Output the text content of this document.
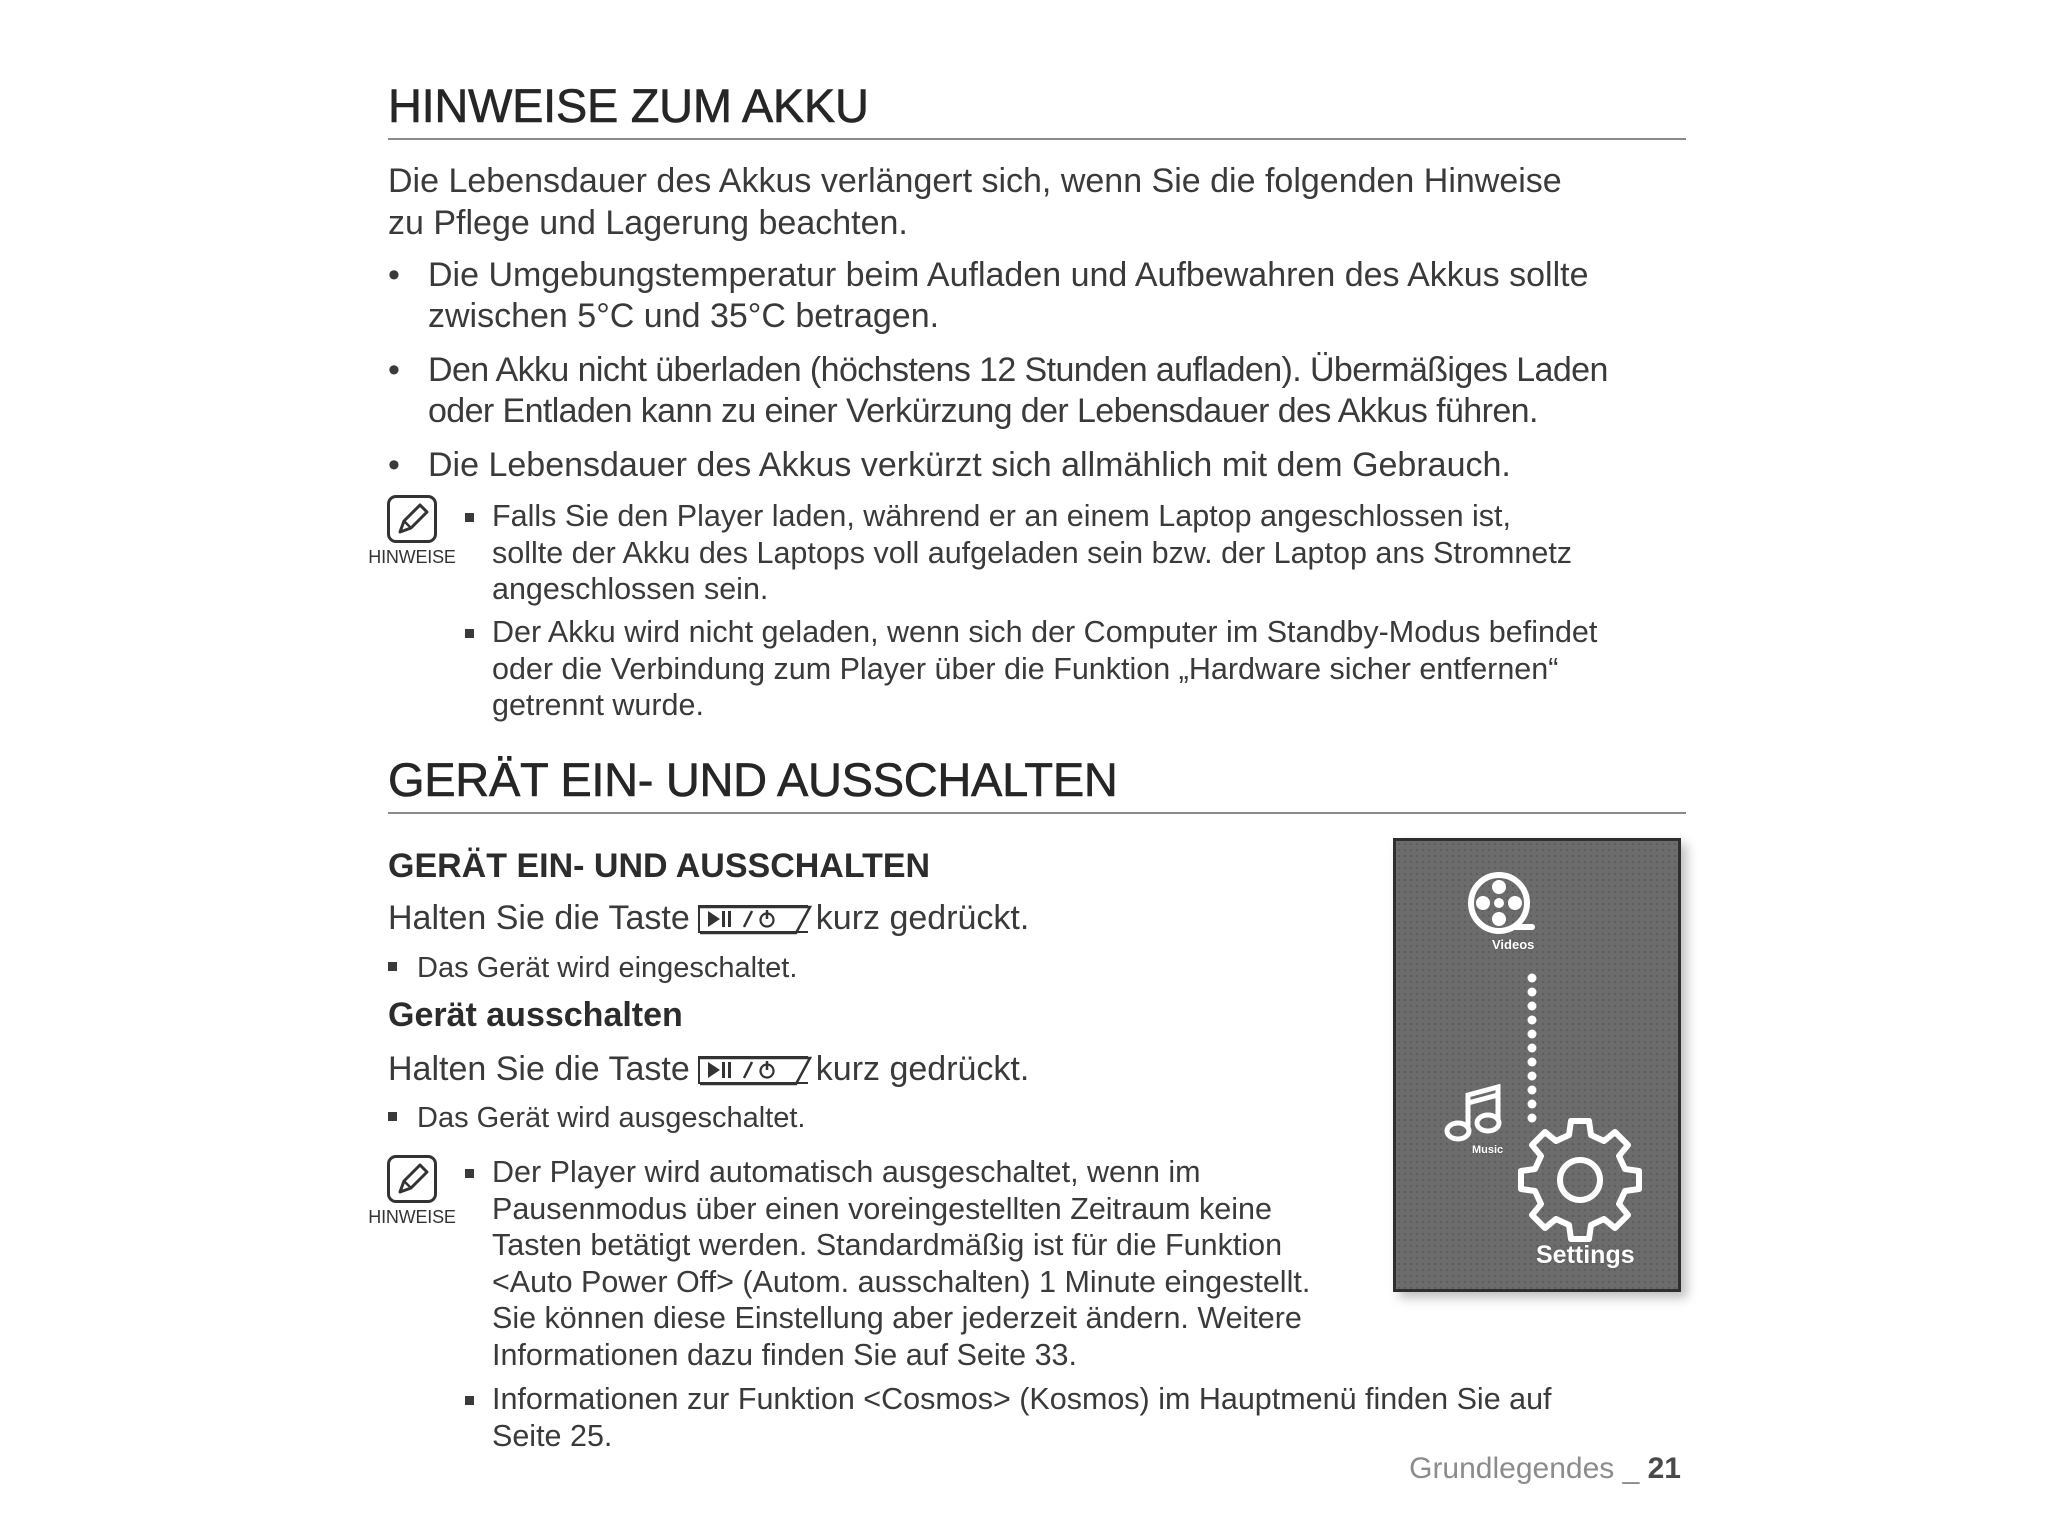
HINWEISE ZUM AKKU

Die Lebensdauer des Akkus verlängert sich, wenn Sie die folgenden Hinweise
zu Pflege und Lagerung beachten.

• Die Umgebungstemperatur beim Aufladen und Aufbewahren des Akkus sollte
zwischen 5°C und 35°C betragen.
• Den Akku nicht überladen (höchstens 12 Stunden aufladen). Übermäßiges Laden
oder Entladen kann zu einer Verkürzung der Lebensdauer des Akkus führen.
• Die Lebensdauer des Akkus verkürzt sich allmählich mit dem Gebrauch.
HINWEISE
Falls Sie den Player laden, während er an einem Laptop angeschlossen ist,
sollte der Akku des Laptops voll aufgeladen sein bzw. der Laptop ans Stromnetz
angeschlossen sein.
Der Akku wird nicht geladen, wenn sich der Computer im Standby-Modus befindet
oder die Verbindung zum Player über die Funktion „Hardware sicher entfernen“
getrennt wurde.
GERÄT EIN- UND AUSSCHALTEN
GERÄT EIN- UND AUSSCHALTEN
Halten Sie die Taste	kurz gedrückt.
Das Gerät wird eingeschaltet.
Gerät ausschalten
Halten Sie die Taste	kurz gedrückt.
Das Gerät wird ausgeschaltet.
HINWEISE
Der Player wird automatisch ausgeschaltet, wenn im
Pausenmodus über einen voreingestellten Zeitraum keine
Tasten betätigt werden. Standardmäßig ist für die Funktion
<Auto Power Off> (Autom. ausschalten) 1 Minute eingestellt.
Sie können diese Einstellung aber jederzeit ändern. Weitere
Informationen dazu finden Sie auf Seite 33.
Informationen zur Funktion <Cosmos> (Kosmos) im Hauptmenü finden Sie auf
Seite 25.
Videos
Music
Settings
Grundlegendes _ 21
